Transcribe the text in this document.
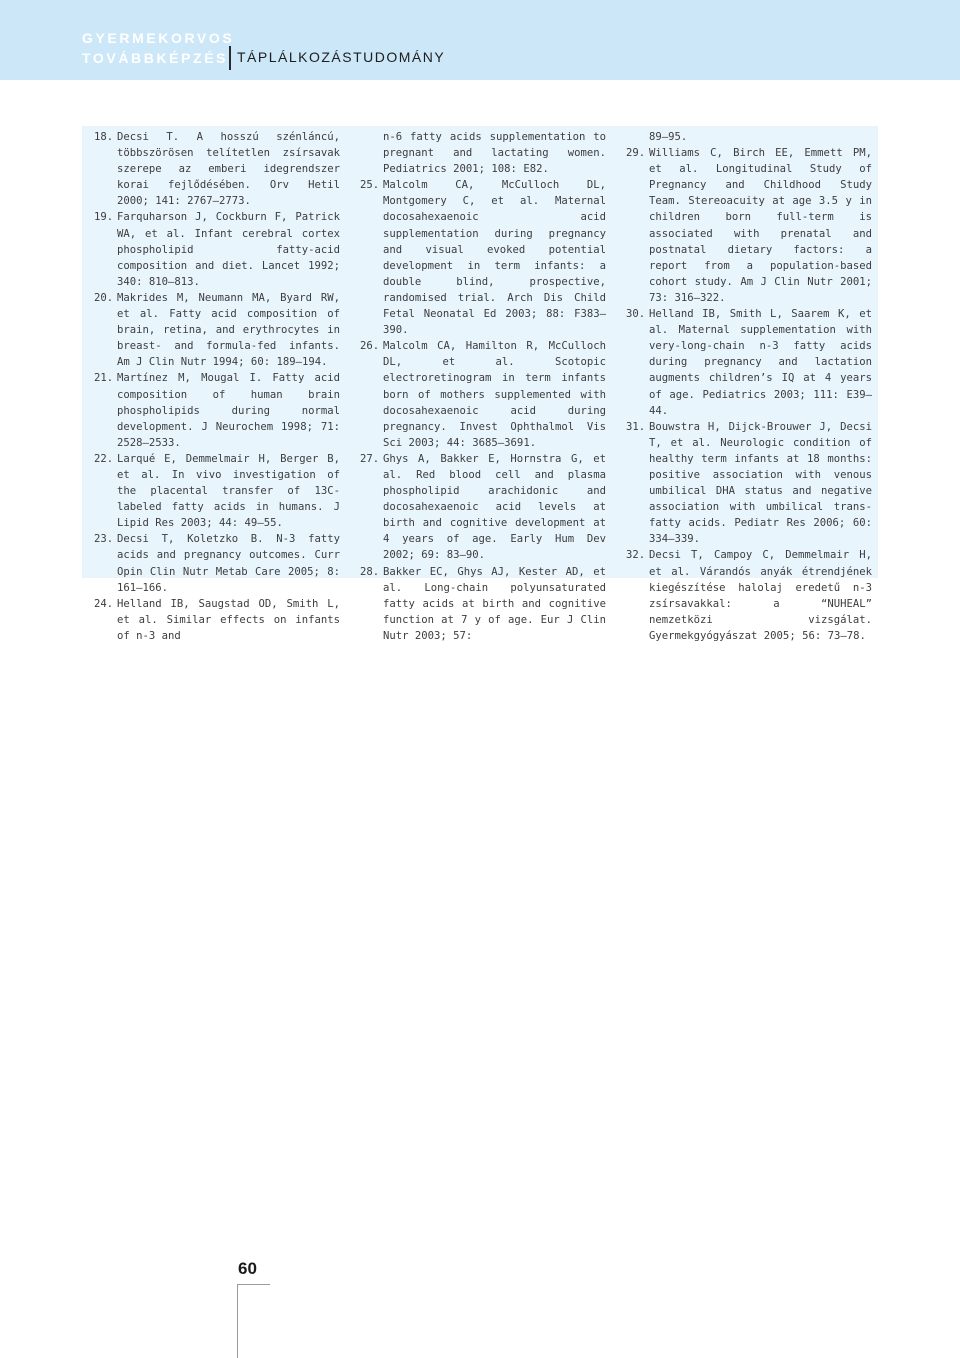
GYERMEKORVOS
TOVÁBBKÉPZÉS TÁPLÁLKOZÁSTUDOMÁNY
18. Decsi T. A hosszú szénláncú, többszörösen telítetlen zsírsavak szerepe az emberi idegrendszer korai fejlődésében. Orv Hetil 2000; 141: 2767–2773.
19. Farquharson J, Cockburn F, Patrick WA, et al. Infant cerebral cortex phospholipid fatty-acid composition and diet. Lancet 1992; 340: 810–813.
20. Makrides M, Neumann MA, Byard RW, et al. Fatty acid composition of brain, retina, and erythrocytes in breast- and formula-fed infants. Am J Clin Nutr 1994; 60: 189–194.
21. Martínez M, Mougal I. Fatty acid composition of human brain phospholipids during normal development. J Neurochem 1998; 71: 2528–2533.
22. Larqué E, Demmelmair H, Berger B, et al. In vivo investigation of the placental transfer of 13C-labeled fatty acids in humans. J Lipid Res 2003; 44: 49–55.
23. Decsi T, Koletzko B. N-3 fatty acids and pregnancy outcomes. Curr Opin Clin Nutr Metab Care 2005; 8: 161–166.
24. Helland IB, Saugstad OD, Smith L, et al. Similar effects on infants of n-3 and
n-6 fatty acids supplementation to pregnant and lactating women. Pediatrics 2001; 108: E82.
25. Malcolm CA, McCulloch DL, Montgomery C, et al. Maternal docosahexaenoic acid supplementation during pregnancy and visual evoked potential development in term infants: a double blind, prospective, randomised trial. Arch Dis Child Fetal Neonatal Ed 2003; 88: F383–390.
26. Malcolm CA, Hamilton R, McCulloch DL, et al. Scotopic electroretinogram in term infants born of mothers supplemented with docosahexaenoic acid during pregnancy. Invest Ophthalmol Vis Sci 2003; 44: 3685–3691.
27. Ghys A, Bakker E, Hornstra G, et al. Red blood cell and plasma phospholipid arachidonic and docosahexaenoic acid levels at birth and cognitive development at 4 years of age. Early Hum Dev 2002; 69: 83–90.
28. Bakker EC, Ghys AJ, Kester AD, et al. Long-chain polyunsaturated fatty acids at birth and cognitive function at 7 y of age. Eur J Clin Nutr 2003; 57:
89–95.
29. Williams C, Birch EE, Emmett PM, et al. Longitudinal Study of Pregnancy and Childhood Study Team. Stereoacuity at age 3.5 y in children born full-term is associated with prenatal and postnatal dietary factors: a report from a population-based cohort study. Am J Clin Nutr 2001; 73: 316–322.
30. Helland IB, Smith L, Saarem K, et al. Maternal supplementation with very-long-chain n-3 fatty acids during pregnancy and lactation augments children’s IQ at 4 years of age. Pediatrics 2003; 111: E39–44.
31. Bouwstra H, Dijck-Brouwer J, Decsi T, et al. Neurologic condition of healthy term infants at 18 months: positive association with venous umbilical DHA status and negative association with umbilical trans-fatty acids. Pediatr Res 2006; 60: 334–339.
32. Decsi T, Campoy C, Demmelmair H, et al. Várandós anyák étrendjének kiegészítése halolaj eredetű n-3 zsírsavakkal: a “NUHEAL” nemzetközi vizsgálat. Gyermekgyógyászat 2005; 56: 73–78.
60
